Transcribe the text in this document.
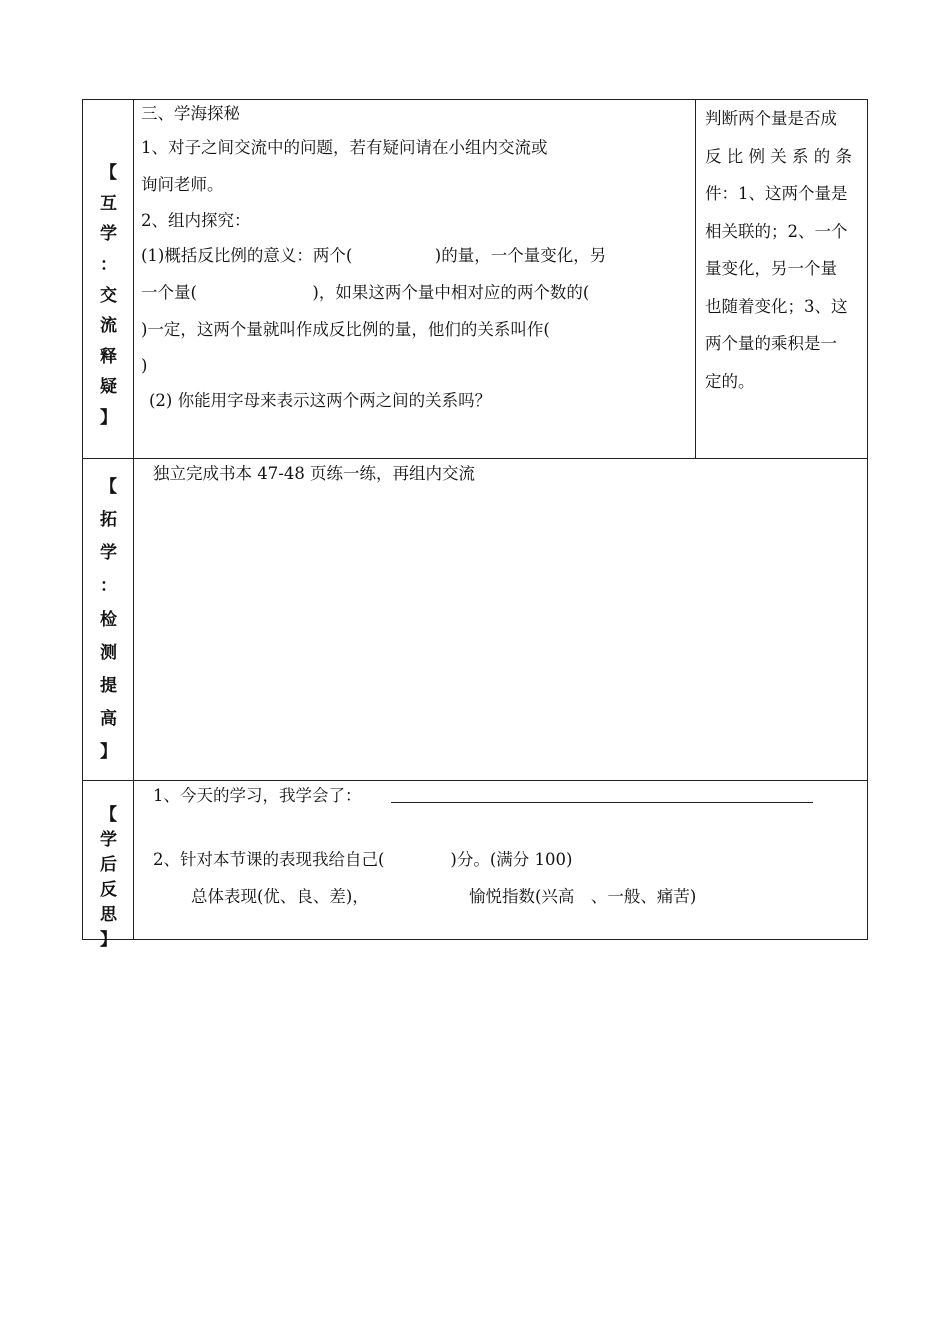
【
互
学
：
交
流
释
疑
】
三、学海探秘
1、对子之间交流中的问题，若有疑问请在小组内交流或
询问老师。
2、组内探究：
(1)概括反比例的意义：两个(　　　　　)的量，一个量变化，另
一个量(　　　　　　　)，如果这两个量中相对应的两个数的(
)一定，这两个量就叫作成反比例的量，他们的关系叫作(
)
(2) 你能用字母来表示这两个两之间的关系吗？
判断两个量是否成
反 比 例 关 系 的 条
件：1、这两个量是
相关联的；2、一个
量变化，另一个量
也随着变化；3、这
两个量的乘积是一
定的。
【
拓
学
：
检
测
提
高
】
独立完成书本 47-48 页练一练，再组内交流
【
学
后
反
思
】
1、今天的学习，我学会了：
2、针对本节课的表现我给自己(　　　　)分。(满分 100)
总体表现(优、良、差)，	愉悦指数(兴高　、一般、痛苦)
